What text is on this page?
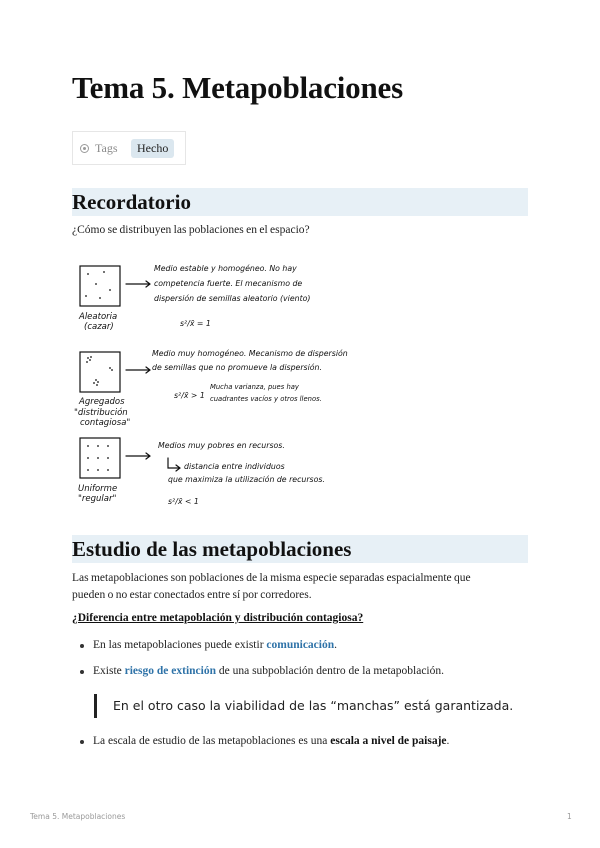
Tema 5. Metapoblaciones
Tags	Hecho
Recordatorio

¿Cómo se distribuyen las poblaciones en el espacio?

Aleatoria
(cazar)
Agregados
"distribución
contagiosa"
Uniforme
"regular"
Medio estable y homogéneo. No hay
competencia fuerte. El mecanismo de
dispersión de semillas aleatorio (viento)
s²/x̄ = 1
Medio muy homogéneo. Mecanismo de dispersión
de semillas que no promueve la dispersión.
s²/x̄ > 1
Mucha varianza, pues hay
cuadrantes vacíos y otros llenos.
Medios muy pobres en recursos.
distancia entre individuos
que maximiza la utilización de recursos.
s²/x̄ < 1
Estudio de las metapoblaciones

Las metapoblaciones son poblaciones de la misma especie separadas espacialmente que

pueden o no estar conectados entre sí por corredores.

¿Diferencia entre metapoblación y distribución contagiosa?

En las metapoblaciones puede existir comunicación.
Existe riesgo de extinción de una subpoblación dentro de la metapoblación.
En el otro caso la viabilidad de las “manchas” está garantizada.
La escala de estudio de las metapoblaciones es una escala a nivel de paisaje.
Tema 5. Metapoblaciones	1
